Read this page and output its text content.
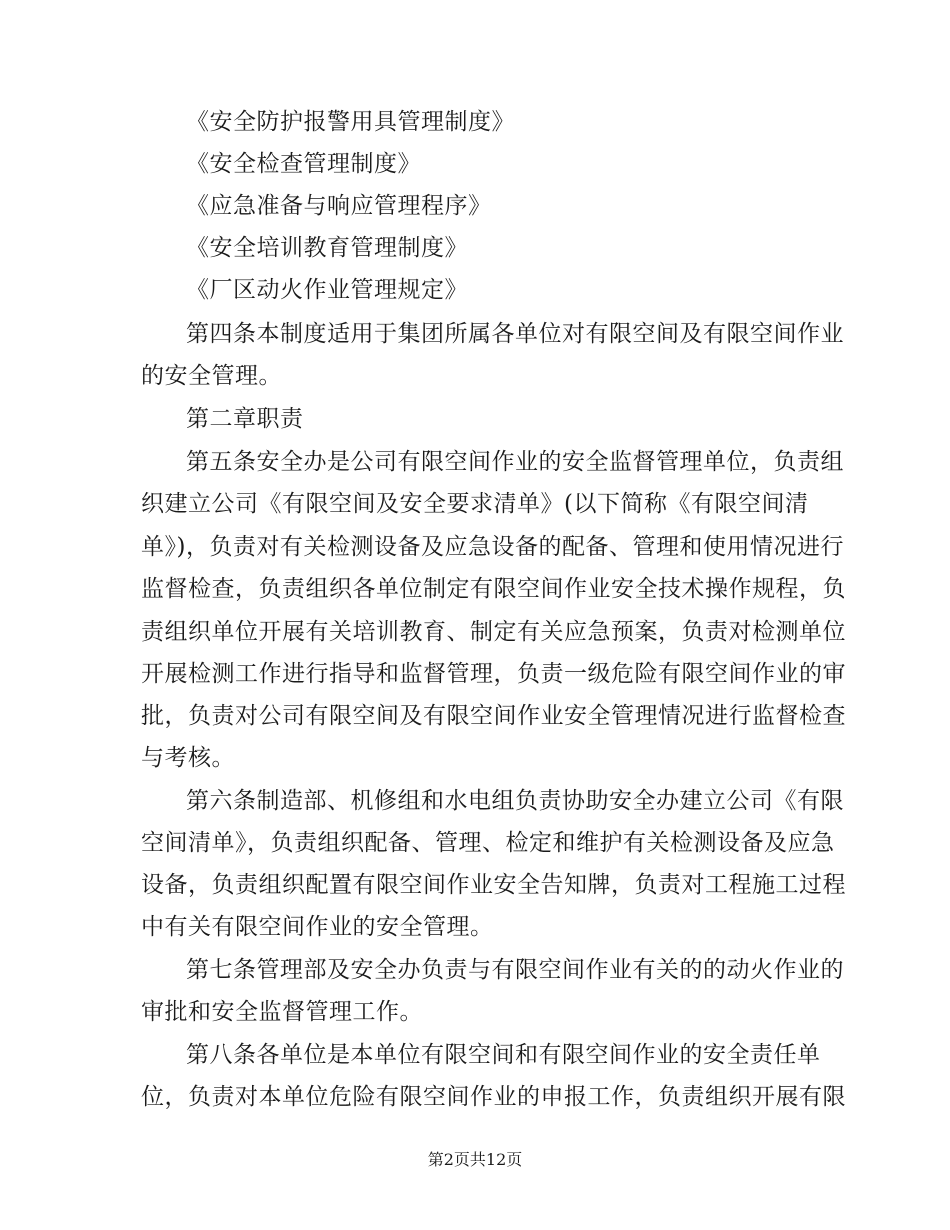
《安全防护报警用具管理制度》
《安全检查管理制度》
《应急准备与响应管理程序》
《安全培训教育管理制度》
《厂区动火作业管理规定》
第四条本制度适用于集团所属各单位对有限空间及有限空间作业
的安全管理。
第二章职责
第五条安全办是公司有限空间作业的安全监督管理单位，负责组
织建立公司《有限空间及安全要求清单》(以下简称《有限空间清
单》)，负责对有关检测设备及应急设备的配备、管理和使用情况进行
监督检查，负责组织各单位制定有限空间作业安全技术操作规程，负
责组织单位开展有关培训教育、制定有关应急预案，负责对检测单位
开展检测工作进行指导和监督管理，负责一级危险有限空间作业的审
批，负责对公司有限空间及有限空间作业安全管理情况进行监督检查
与考核。
第六条制造部、机修组和水电组负责协助安全办建立公司《有限
空间清单》，负责组织配备、管理、检定和维护有关检测设备及应急
设备，负责组织配置有限空间作业安全告知牌，负责对工程施工过程
中有关有限空间作业的安全管理。
第七条管理部及安全办负责与有限空间作业有关的的动火作业的
审批和安全监督管理工作。
第八条各单位是本单位有限空间和有限空间作业的安全责任单
位，负责对本单位危险有限空间作业的申报工作，负责组织开展有限
第2页共12页
